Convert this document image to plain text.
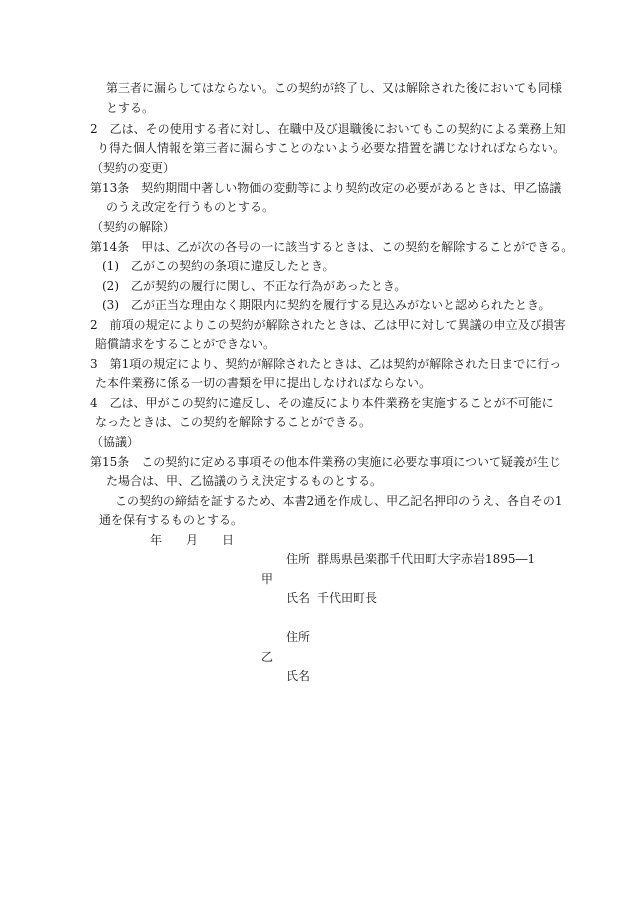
第三者に漏らしてはならない。この契約が終了し、又は解除された後においても同様
とする。
2　乙は、その使用する者に対し、在職中及び退職後においてもこの契約による業務上知
り得た個人情報を第三者に漏らすことのないよう必要な措置を講じなければならない。
（契約の変更）
第13条　契約期間中著しい物価の変動等により契約改定の必要があるときは、甲乙協議
のうえ改定を行うものとする。
（契約の解除）
第14条　甲は、乙が次の各号の一に該当するときは、この契約を解除することができる。
(1)　乙がこの契約の条項に違反したとき。
(2)　乙が契約の履行に関し、不正な行為があったとき。
(3)　乙が正当な理由なく期限内に契約を履行する見込みがないと認められたとき。
2　前項の規定によりこの契約が解除されたときは、乙は甲に対して異議の申立及び損害
賠償請求をすることができない。
3　第1項の規定により、契約が解除されたときは、乙は契約が解除された日までに行っ
た本件業務に係る一切の書類を甲に提出しなければならない。
4　乙は、甲がこの契約に違反し、その違反により本件業務を実施することが不可能に
なったときは、この契約を解除することができる。
（協議）
第15条　この契約に定める事項その他本件業務の実施に必要な事項について疑義が生じ
た場合は、甲、乙協議のうえ決定するものとする。
この契約の締結を証するため、本書2通を作成し、甲乙記名押印のうえ、各自その1
通を保有するものとする。
年 月 日
住所 群馬県邑楽郡千代田町大字赤岩1895―1
甲
氏名 千代田町長
住所
乙
氏名
